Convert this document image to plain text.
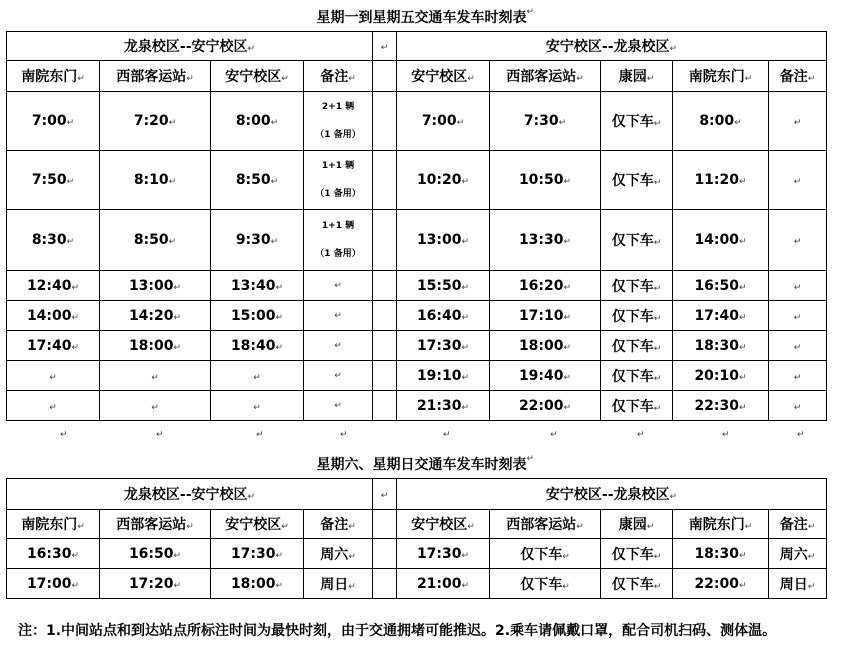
星期一到星期五交通车发车时刻表 ↵
龙泉校区--安宁校区↵				↵	安宁校区--龙泉校区↵				
南院东门↵	西部客运站↵	安宁校区↵	备注↵		安宁校区↵	西部客运站↵	康园↵	南院东门↵	备注↵
7:00↵	7:20↵	8:00↵	2+1 辆
（1 备用）		7:00↵	7:30↵	仅下车↵	8:00↵	↵
7:50↵	8:10↵	8:50↵	1+1 辆
（1 备用）		10:20↵	10:50↵	仅下车↵	11:20↵	↵
8:30↵	8:50↵	9:30↵	1+1 辆
（1 备用）		13:00↵	13:30↵	仅下车↵	14:00↵	↵
12:40↵	13:00↵	13:40↵	↵		15:50↵	16:20↵	仅下车↵	16:50↵	↵
14:00↵	14:20↵	15:00↵	↵		16:40↵	17:10↵	仅下车↵	17:40↵	↵
17:40↵	18:00↵	18:40↵	↵		17:30↵	18:00↵	仅下车↵	18:30↵	↵
↵	↵	↵	↵		19:10↵	19:40↵	仅下车↵	20:10↵	↵
↵	↵	↵	↵		21:30↵	22:00↵	仅下车↵	22:30↵	↵
↵	↵	↵	↵	↵	↵	↵	↵	↵
星期六、星期日交通车发车时刻表 ↵
龙泉校区--安宁校区↵				↵	安宁校区--龙泉校区↵				
南院东门↵	西部客运站↵	安宁校区↵	备注↵		安宁校区↵	西部客运站↵	康园↵	南院东门↵	备注↵
16:30↵	16:50↵	17:30↵	周六↵		17:30↵	仅下车↵	仅下车↵	18:30↵	周六↵
17:00↵	17:20↵	18:00↵	周日↵		21:00↵	仅下车↵	仅下车↵	22:00↵	周日↵
注：1.中间站点和到达站点所标注时间为最快时刻，由于交通拥堵可能推迟。2.乘车请佩戴口罩，配合司机扫码、测体温。
